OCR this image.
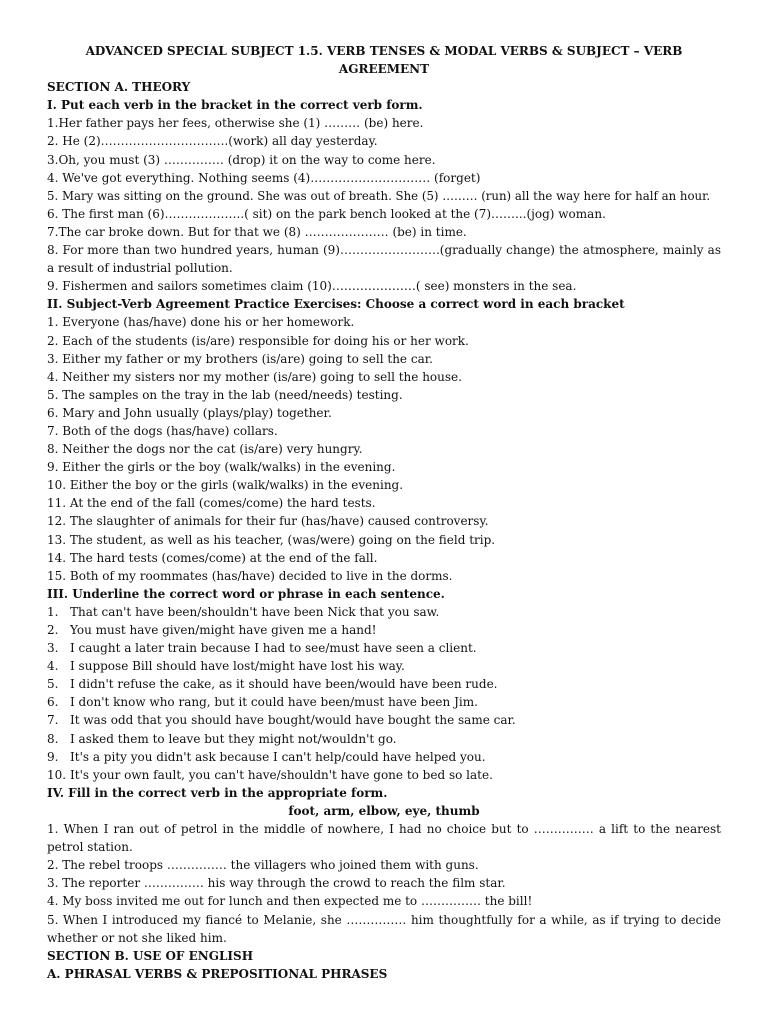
ADVANCED SPECIAL SUBJECT 1.5. VERB TENSES & MODAL VERBS & SUBJECT – VERB AGREEMENT
SECTION A. THEORY
I. Put each verb in the bracket in the correct verb form.
1.Her father pays her fees, otherwise she (1) ……… (be) here.
2. He (2)…………………………..(work) all day yesterday.
3.Oh, you must (3) …………… (drop) it on the way to come here.
4. We've got everything. Nothing seems (4)………………………… (forget)
5. Mary was sitting on the ground. She was out of breath. She (5) ……… (run) all the way here for half an hour.
6. The first man (6)………………..( sit) on the park bench looked at the (7)……...(jog) woman.
7.The car broke down. But for that we (8) ………………… (be) in time.
8. For more than two hundred years, human (9)…………………….(gradually change) the atmosphere, mainly as a result of industrial pollution.
9. Fishermen and sailors sometimes claim (10)…………………( see) monsters in the sea.
II. Subject-Verb Agreement Practice Exercises: Choose a correct word in each bracket
1. Everyone (has/have) done his or her homework.
2. Each of the students (is/are) responsible for doing his or her work.
3. Either my father or my brothers (is/are) going to sell the car.
4. Neither my sisters nor my mother (is/are) going to sell the house.
5. The samples on the tray in the lab (need/needs) testing.
6. Mary and John usually (plays/play) together.
7. Both of the dogs (has/have) collars.
8. Neither the dogs nor the cat (is/are) very hungry.
9. Either the girls or the boy (walk/walks) in the evening.
10. Either the boy or the girls (walk/walks) in the evening.
11. At the end of the fall (comes/come) the hard tests.
12. The slaughter of animals for their fur (has/have) caused controversy.
13. The student, as well as his teacher, (was/were) going on the field trip.
14. The hard tests (comes/come) at the end of the fall.
15. Both of my roommates (has/have) decided to live in the dorms.
III. Underline the correct word or phrase in each sentence.
1. That can't have been/shouldn't have been Nick that you saw.
2. You must have given/might have given me a hand!
3. I caught a later train because I had to see/must have seen a client.
4. I suppose Bill should have lost/might have lost his way.
5. I didn't refuse the cake, as it should have been/would have been rude.
6. I don't know who rang, but it could have been/must have been Jim.
7. It was odd that you should have bought/would have bought the same car.
8. I asked them to leave but they might not/wouldn't go.
9. It's a pity you didn't ask because I can't help/could have helped you.
10. It's your own fault, you can't have/shouldn't have gone to bed so late.
IV. Fill in the correct verb in the appropriate form.
foot, arm, elbow, eye, thumb
1. When I ran out of petrol in the middle of nowhere, I had no choice but to …………… a lift to the nearest petrol station.
2. The rebel troops …………… the villagers who joined them with guns.
3. The reporter …………… his way through the crowd to reach the film star.
4. My boss invited me out for lunch and then expected me to …………… the bill!
5. When I introduced my fiancé to Melanie, she …………… him thoughtfully for a while, as if trying to decide whether or not she liked him.
SECTION B. USE OF ENGLISH
A. PHRASAL VERBS & PREPOSITIONAL PHRASES
